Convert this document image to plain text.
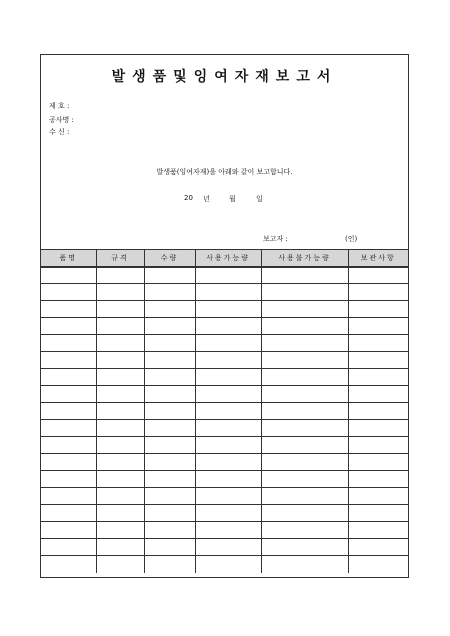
발생품및잉여자재보고서
제 호 :
공사명 :
수 신 :
발생품(잉여자재)을 아래와 같이 보고합니다.
20 년	월	일
보고자 :	(인)
품명	규격	수량	사용가능량	사용불가능량	보관사항
